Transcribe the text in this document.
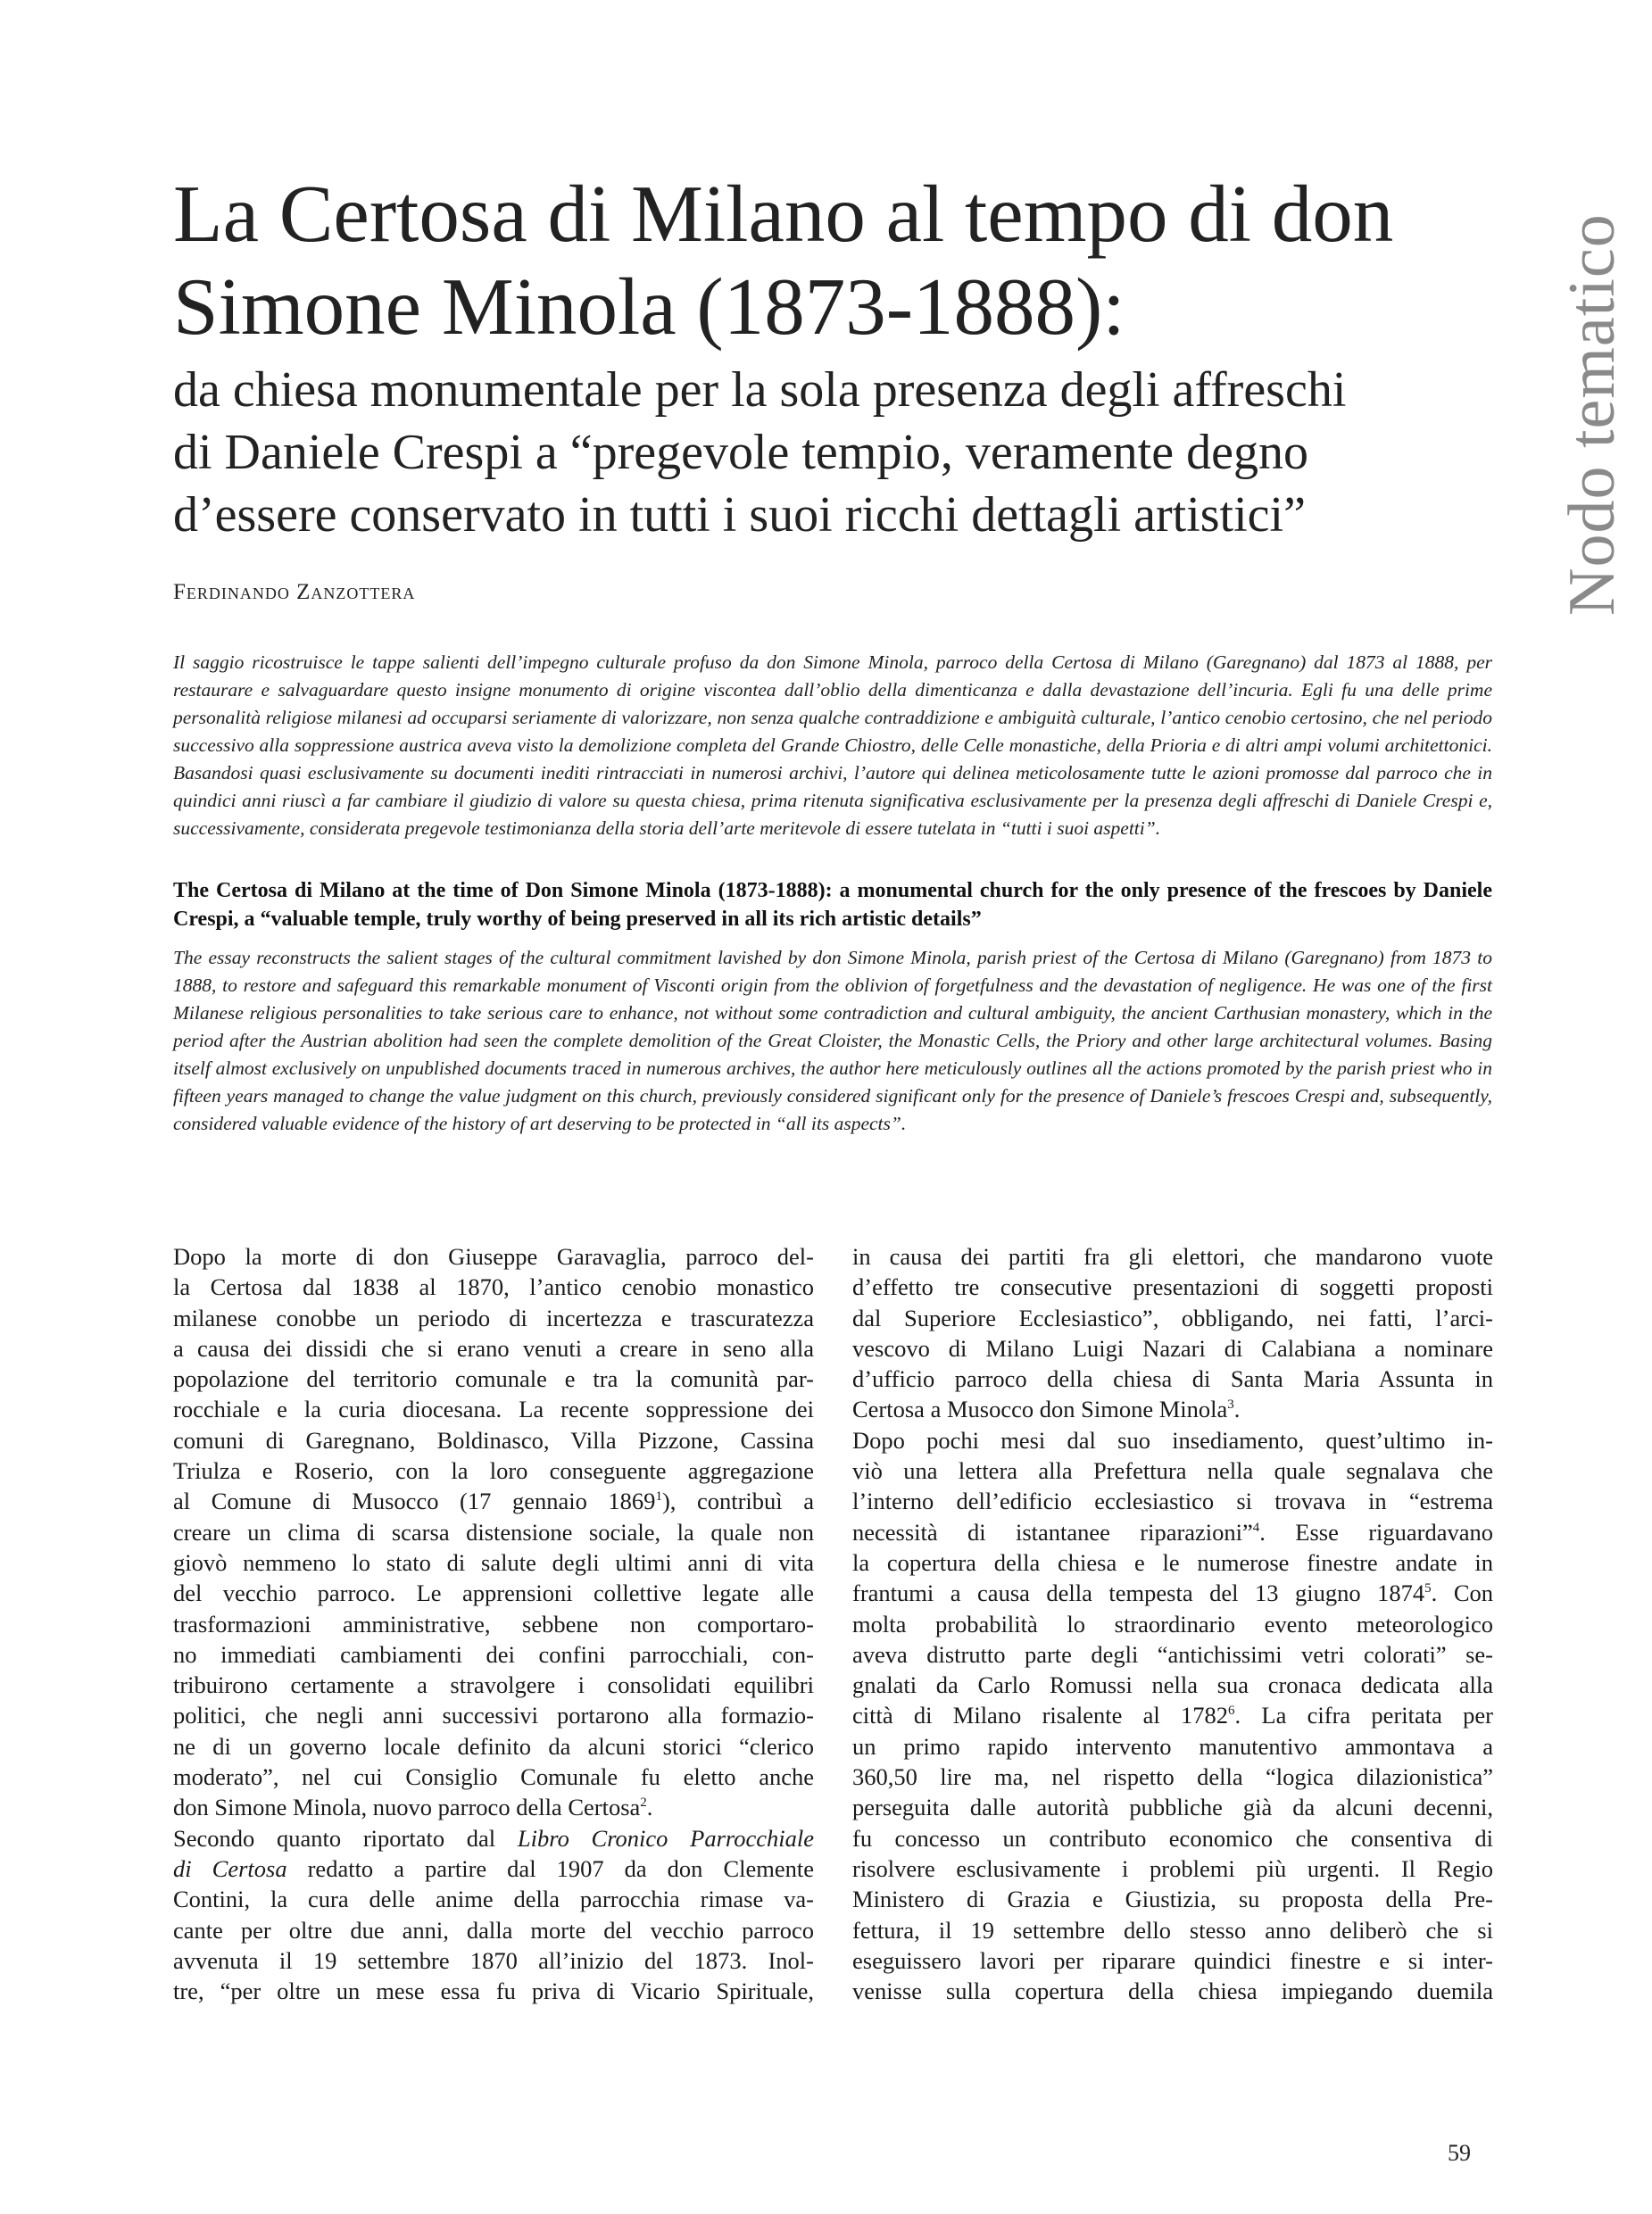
Nodo tematico
La Certosa di Milano al tempo di don
Simone Minola (1873-1888):
da chiesa monumentale per la sola presenza degli affreschi
di Daniele Crespi a “pregevole tempio, veramente degno
d’essere conservato in tutti i suoi ricchi dettagli artistici”
Ferdinando Zanzottera
Il saggio ricostruisce le tappe salienti dell’impegno culturale profuso da don Simone Minola, parroco della Certosa di Milano (Garegnano) dal 1873 al 1888, per restaurare e salvaguardare questo insigne monumento di origine viscontea dall’oblio della dimenticanza e dalla devastazione dell’incuria. Egli fu una delle prime personalità religiose milanesi ad occuparsi seriamente di valorizzare, non senza qualche contraddizione e ambiguità culturale, l’antico cenobio certosino, che nel periodo successivo alla soppressione austrica aveva visto la demolizione completa del Grande Chiostro, delle Celle monastiche, della Prioria e di altri ampi volumi architettonici. Basandosi quasi esclusivamente su documenti inediti rintracciati in numerosi archivi, l’autore qui delinea meticolosamente tutte le azioni promosse dal parroco che in quindici anni riuscì a far cambiare il giudizio di valore su questa chiesa, prima ritenuta significativa esclusivamente per la presenza degli affreschi di Daniele Crespi e, successivamente, considerata pregevole testimonianza della storia dell’arte meritevole di essere tutelata in “tutti i suoi aspetti”.
The Certosa di Milano at the time of Don Simone Minola (1873-1888): a monumental church for the only presence of the frescoes by Daniele Crespi, a “valuable temple, truly worthy of being preserved in all its rich artistic details”
The essay reconstructs the salient stages of the cultural commitment lavished by don Simone Minola, parish priest of the Certosa di Milano (Garegnano) from 1873 to 1888, to restore and safeguard this remarkable monument of Visconti origin from the oblivion of forgetfulness and the devastation of negligence. He was one of the first Milanese religious personalities to take serious care to enhance, not without some contradiction and cultural ambiguity, the ancient Carthusian monastery, which in the period after the Austrian abolition had seen the complete demolition of the Great Cloister, the Monastic Cells, the Priory and other large architectural volumes. Basing itself almost exclusively on unpublished documents traced in numerous archives, the author here meticulously outlines all the actions promoted by the parish priest who in fifteen years managed to change the value judgment on this church, previously considered significant only for the presence of Daniele’s frescoes Crespi and, subsequently, considered valuable evidence of the history of art deserving to be protected in “all its aspects”.
Dopo la morte di don Giuseppe Garavaglia, parroco del-
la Certosa dal 1838 al 1870, l’antico cenobio monastico
milanese conobbe un periodo di incertezza e trascuratezza
a causa dei dissidi che si erano venuti a creare in seno alla
popolazione del territorio comunale e tra la comunità par-
rocchiale e la curia diocesana. La recente soppressione dei
comuni di Garegnano, Boldinasco, Villa Pizzone, Cassina
Triulza e Roserio, con la loro conseguente aggregazione
al Comune di Musocco (17 gennaio 1869$^1$), contribuì a
creare un clima di scarsa distensione sociale, la quale non
giovò nemmeno lo stato di salute degli ultimi anni di vita
del vecchio parroco. Le apprensioni collettive legate alle
trasformazioni amministrative, sebbene non comportaro-
no immediati cambiamenti dei confini parrocchiali, con-
tribuirono certamente a stravolgere i consolidati equilibri
politici, che negli anni successivi portarono alla formazio-
ne di un governo locale definito da alcuni storici “clerico
moderato”, nel cui Consiglio Comunale fu eletto anche
don Simone Minola, nuovo parroco della Certosa$^2$.
Secondo quanto riportato dal Libro Cronico Parrocchiale
di Certosa redatto a partire dal 1907 da don Clemente
Contini, la cura delle anime della parrocchia rimase va-
cante per oltre due anni, dalla morte del vecchio parroco
avvenuta il 19 settembre 1870 all’inizio del 1873. Inol-
tre, “per oltre un mese essa fu priva di Vicario Spirituale,
in causa dei partiti fra gli elettori, che mandarono vuote
d’effetto tre consecutive presentazioni di soggetti proposti
dal Superiore Ecclesiastico”, obbligando, nei fatti, l’arci-
vescovo di Milano Luigi Nazari di Calabiana a nominare
d’ufficio parroco della chiesa di Santa Maria Assunta in
Certosa a Musocco don Simone Minola$^3$.
Dopo pochi mesi dal suo insediamento, quest’ultimo in-
viò una lettera alla Prefettura nella quale segnalava che
l’interno dell’edificio ecclesiastico si trovava in “estrema
necessità di istantanee riparazioni”$^4$. Esse riguardavano
la copertura della chiesa e le numerose finestre andate in
frantumi a causa della tempesta del 13 giugno 1874$^5$. Con
molta probabilità lo straordinario evento meteorologico
aveva distrutto parte degli “antichissimi vetri colorati” se-
gnalati da Carlo Romussi nella sua cronaca dedicata alla
città di Milano risalente al 1782$^6$. La cifra peritata per
un primo rapido intervento manutentivo ammontava a
360,50 lire ma, nel rispetto della “logica dilazionistica”
perseguita dalle autorità pubbliche già da alcuni decenni,
fu concesso un contributo economico che consentiva di
risolvere esclusivamente i problemi più urgenti. Il Regio
Ministero di Grazia e Giustizia, su proposta della Pre-
fettura, il 19 settembre dello stesso anno deliberò che si
eseguissero lavori per riparare quindici finestre e si inter-
venisse sulla copertura della chiesa impiegando duemila
59
